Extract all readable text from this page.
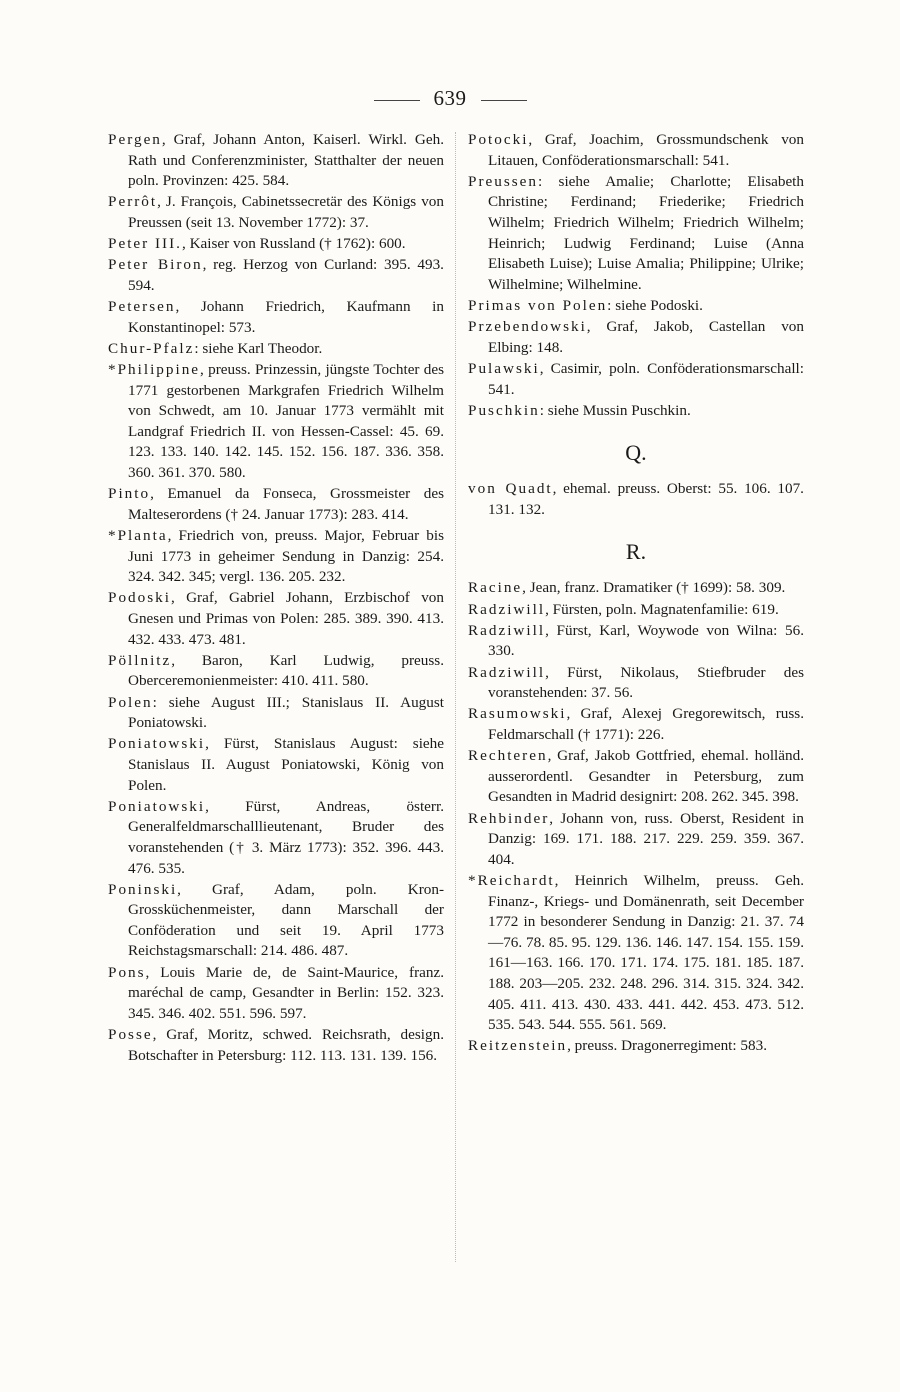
639
Pergen, Graf, Johann Anton, Kaiserl. Wirkl. Geh. Rath und Conferenzminister, Statthalter der neuen poln. Provinzen: 425. 584.
Perrôt, J. François, Cabinetssecretär des Königs von Preussen (seit 13. November 1772): 37.
Peter III., Kaiser von Russland († 1762): 600.
Peter Biron, reg. Herzog von Curland: 395. 493. 594.
Petersen, Johann Friedrich, Kaufmann in Konstantinopel: 573.
Chur-Pfalz: siehe Karl Theodor.
*Philippine, preuss. Prinzessin, jüngste Tochter des 1771 gestorbenen Markgrafen Friedrich Wilhelm von Schwedt, am 10. Januar 1773 vermählt mit Landgraf Friedrich II. von Hessen-Cassel: 45. 69. 123. 133. 140. 142. 145. 152. 156. 187. 336. 358. 360. 361. 370. 580.
Pinto, Emanuel da Fonseca, Grossmeister des Malteserordens († 24. Januar 1773): 283. 414.
*Planta, Friedrich von, preuss. Major, Februar bis Juni 1773 in geheimer Sendung in Danzig: 254. 324. 342. 345; vergl. 136. 205. 232.
Podoski, Graf, Gabriel Johann, Erzbischof von Gnesen und Primas von Polen: 285. 389. 390. 413. 432. 433. 473. 481.
Pöllnitz, Baron, Karl Ludwig, preuss. Oberceremonienmeister: 410. 411. 580.
Polen: siehe August III.; Stanislaus II. August Poniatowski.
Poniatowski, Fürst, Stanislaus August: siehe Stanislaus II. August Poniatowski, König von Polen.
Poniatowski, Fürst, Andreas, österr. Generalfeldmarschalllieutenant, Bruder des voranstehenden († 3. März 1773): 352. 396. 443. 476. 535.
Poninski, Graf, Adam, poln. Kron-Grossküchenmeister, dann Marschall der Conföderation und seit 19. April 1773 Reichstagsmarschall: 214. 486. 487.
Pons, Louis Marie de, de Saint-Maurice, franz. maréchal de camp, Gesandter in Berlin: 152. 323. 345. 346. 402. 551. 596. 597.
Posse, Graf, Moritz, schwed. Reichsrath, design. Botschafter in Petersburg: 112. 113. 131. 139. 156.
Potocki, Graf, Joachim, Grossmundschenk von Litauen, Conföderationsmarschall: 541.
Preussen: siehe Amalie; Charlotte; Elisabeth Christine; Ferdinand; Friederike; Friedrich Wilhelm; Friedrich Wilhelm; Friedrich Wilhelm; Heinrich; Ludwig Ferdinand; Luise (Anna Elisabeth Luise); Luise Amalia; Philippine; Ulrike; Wilhelmine; Wilhelmine.
Primas von Polen: siehe Podoski.
Przebendowski, Graf, Jakob, Castellan von Elbing: 148.
Pulawski, Casimir, poln. Conföderationsmarschall: 541.
Puschkin: siehe Mussin Puschkin.
Q.
von Quadt, ehemal. preuss. Oberst: 55. 106. 107. 131. 132.
R.
Racine, Jean, franz. Dramatiker († 1699): 58. 309.
Radziwill, Fürsten, poln. Magnatenfamilie: 619.
Radziwill, Fürst, Karl, Woywode von Wilna: 56. 330.
Radziwill, Fürst, Nikolaus, Stiefbruder des voranstehenden: 37. 56.
Rasumowski, Graf, Alexej Gregorewitsch, russ. Feldmarschall († 1771): 226.
Rechteren, Graf, Jakob Gottfried, ehemal. holländ. ausserordentl. Gesandter in Petersburg, zum Gesandten in Madrid designirt: 208. 262. 345. 398.
Rehbinder, Johann von, russ. Oberst, Resident in Danzig: 169. 171. 188. 217. 229. 259. 359. 367. 404.
*Reichardt, Heinrich Wilhelm, preuss. Geh. Finanz-, Kriegs- und Domänenrath, seit December 1772 in besonderer Sendung in Danzig: 21. 37. 74—76. 78. 85. 95. 129. 136. 146. 147. 154. 155. 159. 161—163. 166. 170. 171. 174. 175. 181. 185. 187. 188. 203—205. 232. 248. 296. 314. 315. 324. 342. 405. 411. 413. 430. 433. 441. 442. 453. 473. 512. 535. 543. 544. 555. 561. 569.
Reitzenstein, preuss. Dragonerregiment: 583.
